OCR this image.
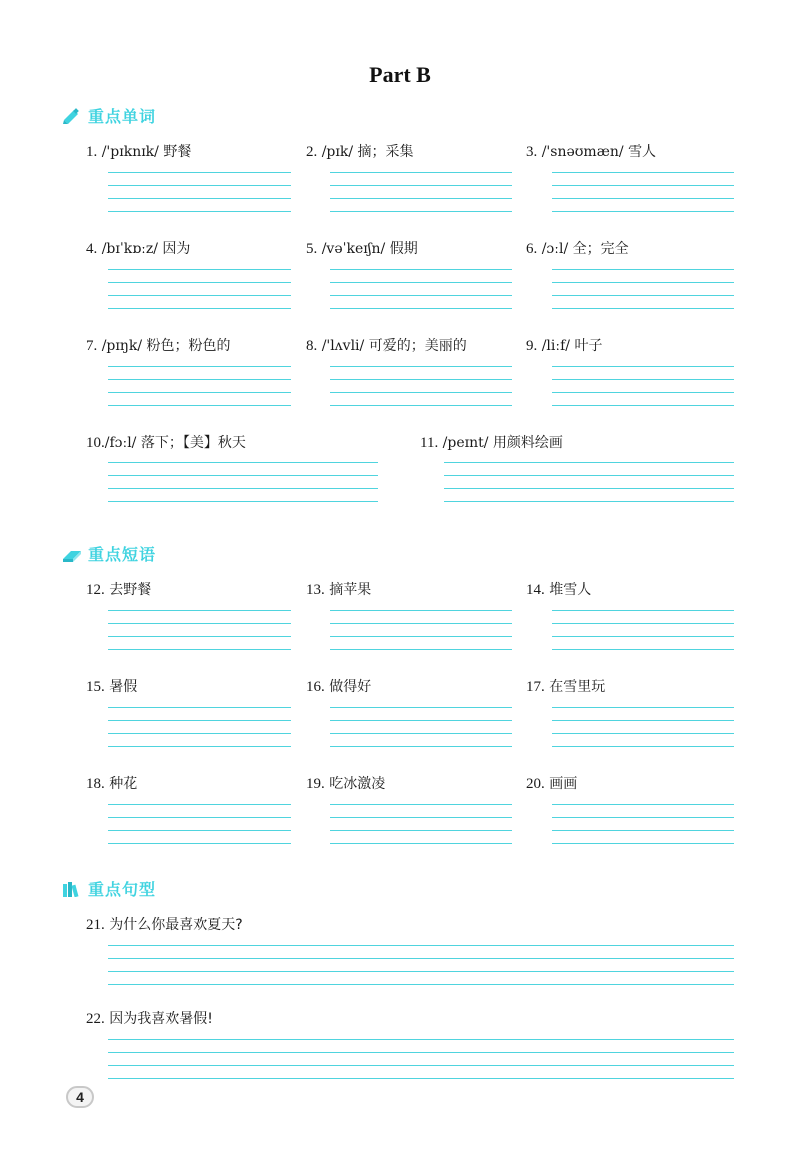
Part B
重点单词
1. /'pɪknɪk/ 野餐	2. /pɪk/ 摘；采集	3. /'snəʊmæn/ 雪人
4. /bɪˈkɒːz/ 因为	5. /vəˈkeɪʃn/ 假期	6. /ɔːl/ 全；完全
7. /pɪŋk/ 粉色；粉色的	8. /'lʌvli/ 可爱的；美丽的	9. /liːf/ 叶子
10./fɔːl/ 落下；【美】秋天	11. /peɪnt/ 用颜料绘画
重点短语
12. 去野餐	13. 摘苹果	14. 堆雪人
15. 暑假	16. 做得好	17. 在雪里玩
18. 种花	19. 吃冰激凌	20. 画画
重点句型
21. 为什么你最喜欢夏天?
22. 因为我喜欢暑假!
4
